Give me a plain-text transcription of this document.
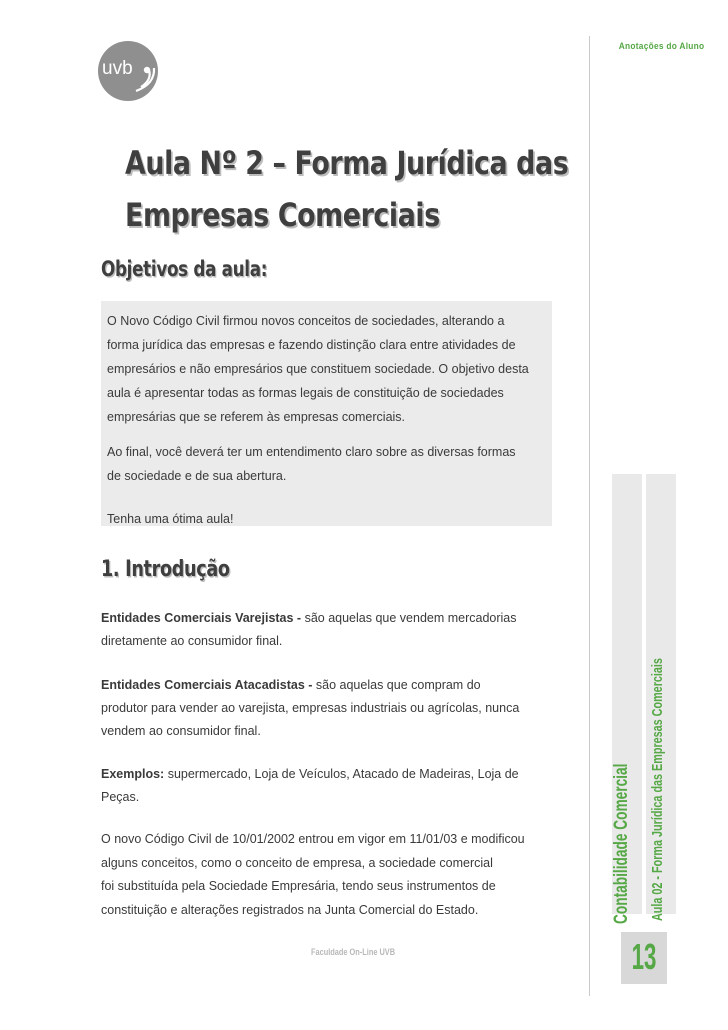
uvb
Anotações do Aluno
Aula Nº 2 – Forma Jurídica das
Empresas Comerciais
Objetivos da aula:
O Novo Código Civil firmou novos conceitos de sociedades, alterando a
forma jurídica das empresas e fazendo distinção clara entre atividades de
empresários e não empresários que constituem sociedade. O objetivo desta
aula é apresentar todas as formas legais de constituição de sociedades
empresárias que se referem às empresas comerciais.
Ao final, você deverá ter um entendimento claro sobre as diversas formas
de sociedade e de sua abertura.
Tenha uma ótima aula!
1. Introdução
Entidades Comerciais Varejistas - são aquelas que vendem mercadorias
diretamente ao consumidor final.
Entidades Comerciais Atacadistas - são aquelas que compram do
produtor para vender ao varejista, empresas industriais ou agrícolas, nunca
vendem ao consumidor final.
Exemplos: supermercado, Loja de Veículos, Atacado de Madeiras, Loja de
Peças.
O novo Código Civil de 10/01/2002 entrou em vigor em 11/01/03 e modificou
alguns conceitos, como o conceito de empresa, a sociedade comercial
foi substituída pela Sociedade Empresária, tendo seus instrumentos de
constituição e alterações registrados na Junta Comercial do Estado.
Faculdade On-Line UVB
Contabilidade Comercial Aula 02 - Forma Jurídica das Empresas Comerciais
13
